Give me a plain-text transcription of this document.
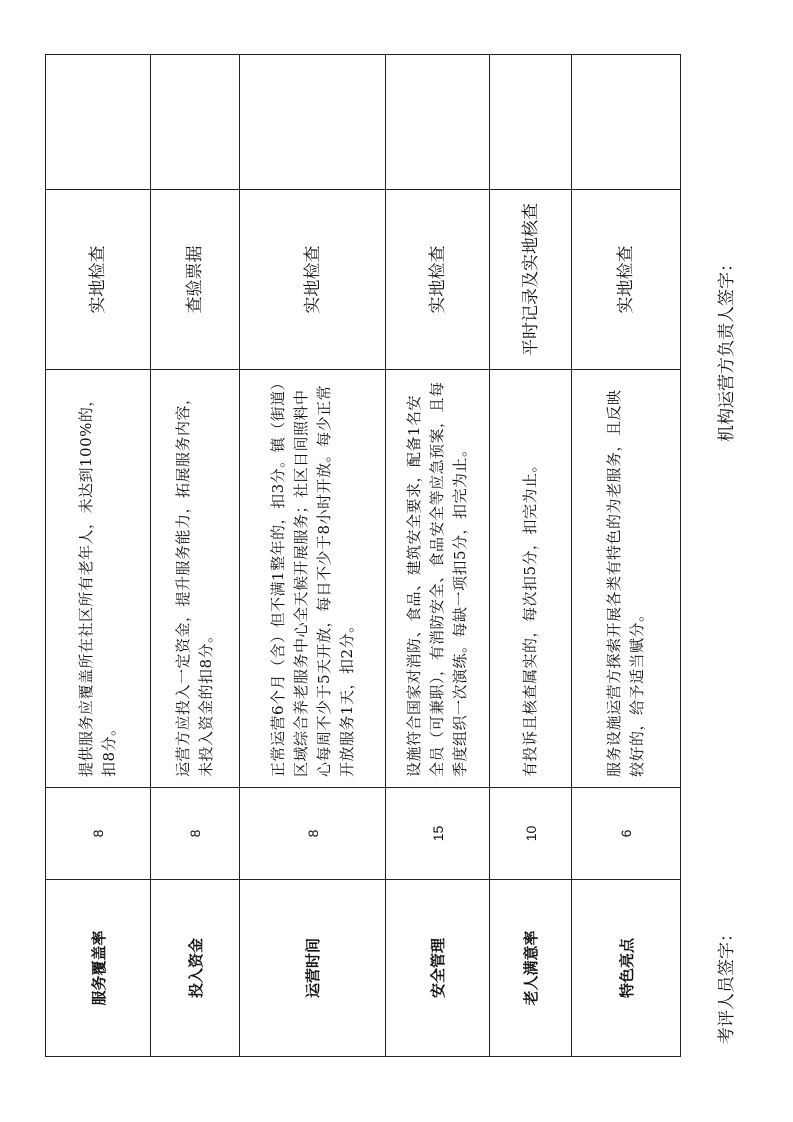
服务覆盖率	8	提供服务应覆盖所在社区所有老年人，未达到100%的，扣8分。	实地检查	
投入资金	8	运营方应投入一定资金，提升服务能力，拓展服务内容，未投入资金的扣8分。	查验票据	
运营时间	8	正常运营6个月（含）但不满1整年的，扣3分。镇（街道）区域综合养老服务中心全天候开展服务；社区日间照料中心每周不少于5天开放，每日不少于8小时开放。每少正常开放服务1天，扣2分。	实地检查	
安全管理	15	设施符合国家对消防、食品、建筑安全要求，配备1名安全员（可兼职），有消防安全、食品安全等应急预案，且每季度组织一次演练。每缺一项扣5分，扣完为止。	实地检查	
老人满意率	10	有投诉且核查属实的，每次扣5分，扣完为止。	平时记录及实地核查	
特色亮点	6	服务设施运营方探索开展各类有特色的为老服务，且反映较好的，给予适当赋分。	实地检查	
考评人员签字：
机构运营方负责人签字：
